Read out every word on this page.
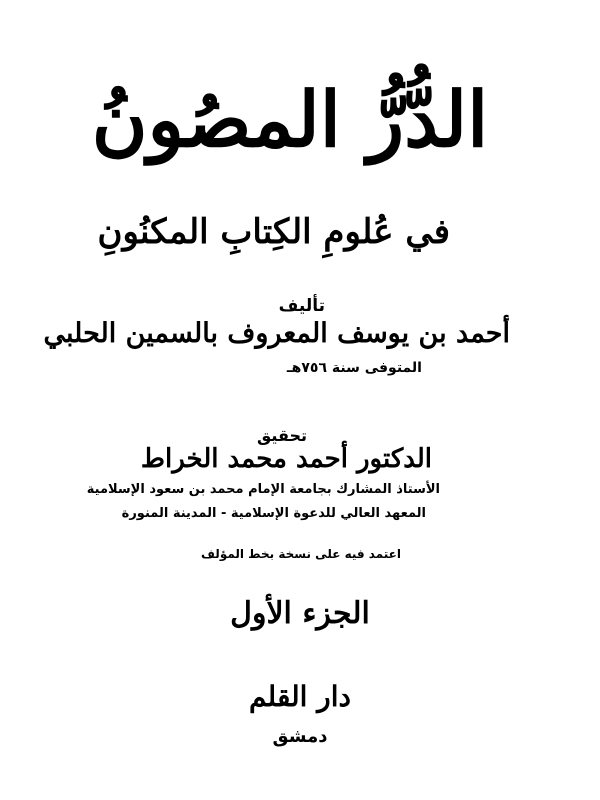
الدُّرُّ المصُونُ
في عُلومِ الكِتابِ المكنُونِ
تأليف
أحمد بن يوسف المعروف بالسمين الحلبي
المتوفى سنة ٧٥٦هـ
تحقيق
الدكتور أحمد محمد الخراط
الأستاذ المشارك بجامعة الإمام محمد بن سعود الإسلامية
المعهد العالي للدعوة الإسلامية - المدينة المنورة
اعتمد فيه على نسخة بخط المؤلف
الجزء الأول
دار القلم
دمشق
